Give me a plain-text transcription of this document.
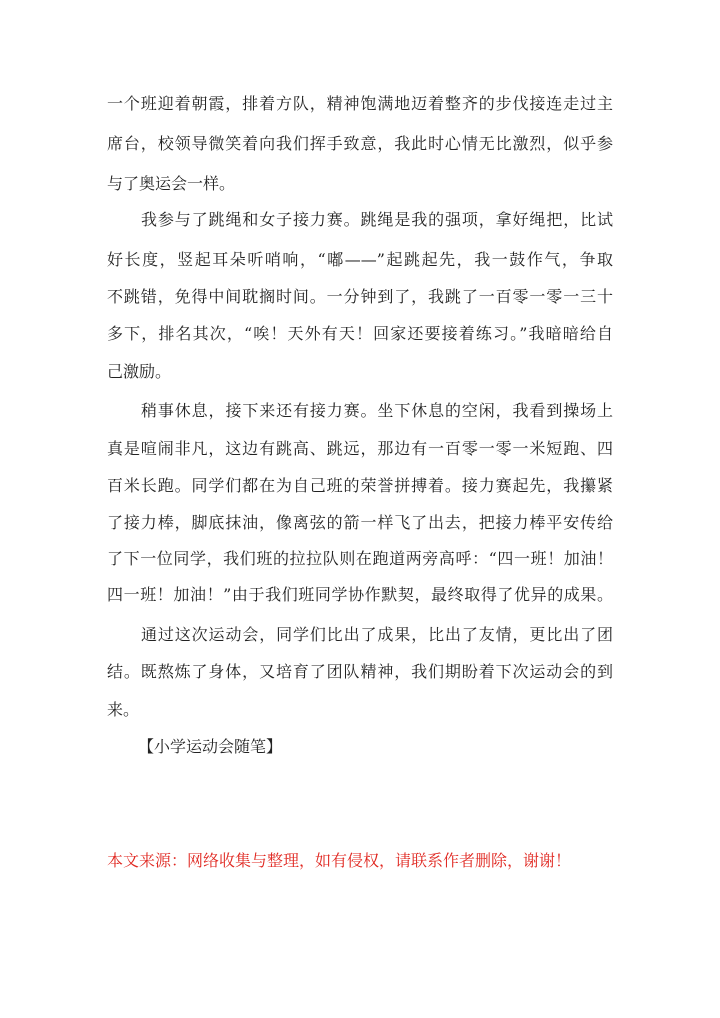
一个班迎着朝霞，排着方队，精神饱满地迈着整齐的步伐接连走过主

席台，校领导微笑着向我们挥手致意，我此时心情无比激烈，似乎参

与了奥运会一样。

我参与了跳绳和女子接力赛。跳绳是我的强项，拿好绳把，比试

好长度，竖起耳朵听哨响，“嘟——”起跳起先，我一鼓作气，争取

不跳错，免得中间耽搁时间。一分钟到了，我跳了一百零一零一三十

多下，排名其次，“唉！天外有天！回家还要接着练习。”我暗暗给自

己激励。

稍事休息，接下来还有接力赛。坐下休息的空闲，我看到操场上

真是喧闹非凡，这边有跳高、跳远，那边有一百零一零一米短跑、四

百米长跑。同学们都在为自己班的荣誉拼搏着。接力赛起先，我攥紧

了接力棒，脚底抹油，像离弦的箭一样飞了出去，把接力棒平安传给

了下一位同学，我们班的拉拉队则在跑道两旁高呼：“四一班！加油！

四一班！加油！”由于我们班同学协作默契，最终取得了优异的成果。

通过这次运动会，同学们比出了成果，比出了友情，更比出了团

结。既熬炼了身体，又培育了团队精神，我们期盼着下次运动会的到

来。

【小学运动会随笔】

本文来源：网络收集与整理，如有侵权，请联系作者删除，谢谢！
